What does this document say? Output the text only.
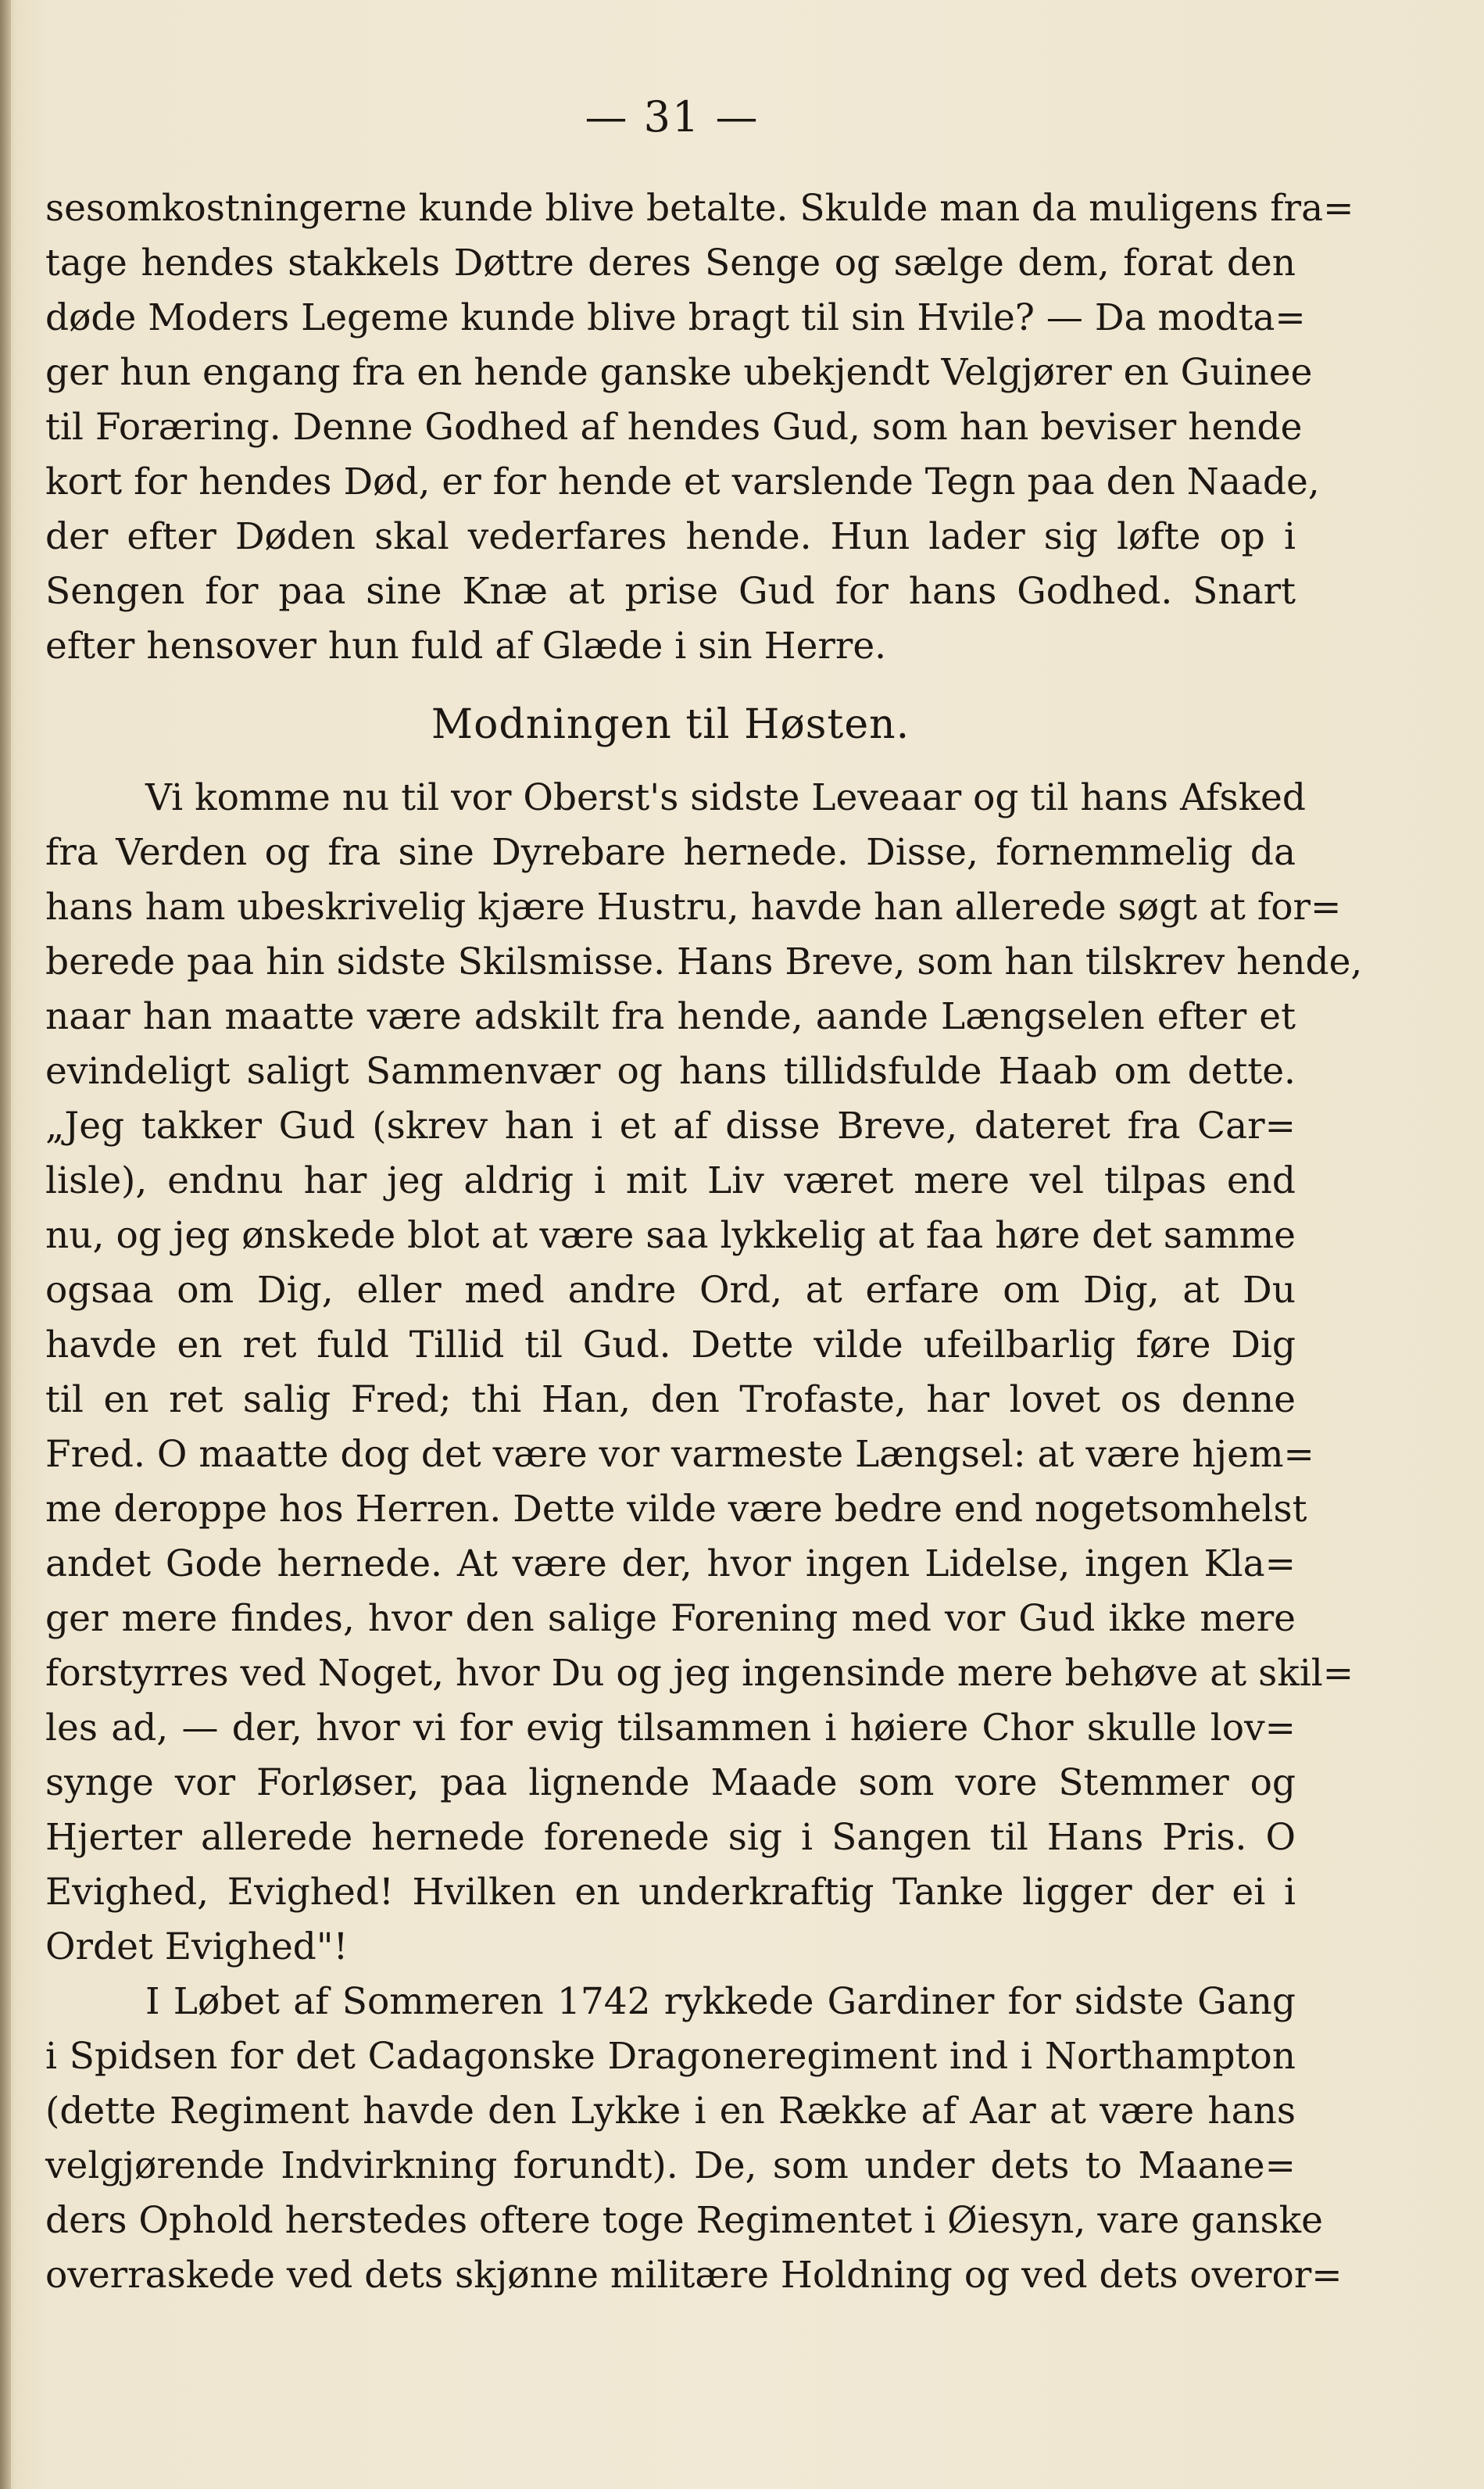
— 31 —
sesomkostningerne kunde blive betalte. Skulde man da muligens fra=
tage hendes stakkels Døttre deres Senge og sælge dem, forat den
døde Moders Legeme kunde blive bragt til sin Hvile? — Da modta=
ger hun engang fra en hende ganske ubekjendt Velgjører en Guinee
til Foræring. Denne Godhed af hendes Gud, som han beviser hende
kort for hendes Død, er for hende et varslende Tegn paa den Naade,
der efter Døden skal vederfares hende. Hun lader sig løfte op i
Sengen for paa sine Knæ at prise Gud for hans Godhed. Snart
efter hensover hun fuld af Glæde i sin Herre.
Modningen til Høsten.
Vi komme nu til vor Oberst's sidste Leveaar og til hans Afsked
fra Verden og fra sine Dyrebare hernede. Disse, fornemmelig da
hans ham ubeskrivelig kjære Hustru, havde han allerede søgt at for=
berede paa hin sidste Skilsmisse. Hans Breve, som han tilskrev hende,
naar han maatte være adskilt fra hende, aande Længselen efter et
evindeligt saligt Sammenvær og hans tillidsfulde Haab om dette.
„Jeg takker Gud (skrev han i et af disse Breve, dateret fra Car=
lisle), endnu har jeg aldrig i mit Liv været mere vel tilpas end
nu, og jeg ønskede blot at være saa lykkelig at faa høre det samme
ogsaa om Dig, eller med andre Ord, at erfare om Dig, at Du
havde en ret fuld Tillid til Gud. Dette vilde ufeilbarlig føre Dig
til en ret salig Fred; thi Han, den Trofaste, har lovet os denne
Fred. O maatte dog det være vor varmeste Længsel: at være hjem=
me deroppe hos Herren. Dette vilde være bedre end nogetsomhelst
andet Gode hernede. At være der, hvor ingen Lidelse, ingen Kla=
ger mere findes, hvor den salige Forening med vor Gud ikke mere
forstyrres ved Noget, hvor Du og jeg ingensinde mere behøve at skil=
les ad, — der, hvor vi for evig tilsammen i høiere Chor skulle lov=
synge vor Forløser, paa lignende Maade som vore Stemmer og
Hjerter allerede hernede forenede sig i Sangen til Hans Pris. O
Evighed, Evighed! Hvilken en underkraftig Tanke ligger der ei i
Ordet Evighed"!
I Løbet af Sommeren 1742 rykkede Gardiner for sidste Gang
i Spidsen for det Cadagonske Dragoneregiment ind i Northampton
(dette Regiment havde den Lykke i en Række af Aar at være hans
velgjørende Indvirkning forundt). De, som under dets to Maane=
ders Ophold herstedes oftere toge Regimentet i Øiesyn, vare ganske
overraskede ved dets skjønne militære Holdning og ved dets overor=
